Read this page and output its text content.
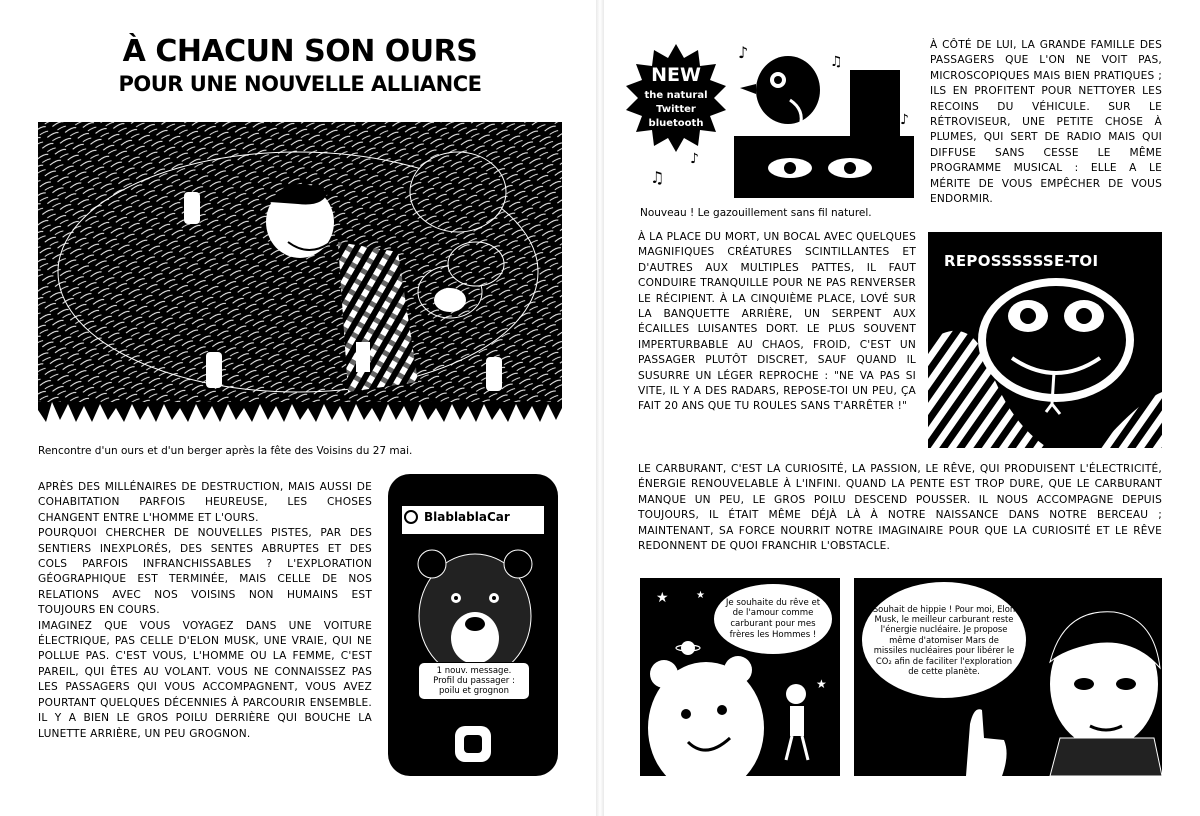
À CHACUN SON OURS
POUR UNE NOUVELLE ALLIANCE
Rencontre d'un ours et d'un berger après la fête des Voisins du 27 mai.

APRÈS DES MILLÉNAIRES DE DESTRUCTION, MAIS AUSSI DE COHABITATION PARFOIS HEUREUSE, LES CHOSES CHANGENT ENTRE L'HOMME ET L'OURS.

POURQUOI CHERCHER DE NOUVELLES PISTES, PAR DES SENTIERS INEXPLORÉS, DES SENTES ABRUPTES ET DES COLS PARFOIS INFRANCHISSABLES ? L'EXPLORATION GÉOGRAPHIQUE EST TERMINÉE, MAIS CELLE DE NOS RELATIONS AVEC NOS VOISINS NON HUMAINS EST TOUJOURS EN COURS.

IMAGINEZ QUE VOUS VOYAGEZ DANS UNE VOITURE ÉLECTRIQUE, PAS CELLE D'ELON MUSK, UNE VRAIE, QUI NE POLLUE PAS. C'EST VOUS, L'HOMME OU LA FEMME, C'EST PAREIL, QUI ÊTES AU VOLANT. VOUS NE CONNAISSEZ PAS LES PASSAGERS QUI VOUS ACCOMPAGNENT, VOUS AVEZ POURTANT QUELQUES DÉCENNIES À PARCOURIR ENSEMBLE. IL Y A BIEN LE GROS POILU DERRIÈRE QUI BOUCHE LA LUNETTE ARRIÈRE, UN PEU GROGNON.

BlablablaCar
1 nouv. message.
Profil du passager :
poilu et grognon
NEW
the natural
Twitter
bluetooth
♪	♫
♪
♫
♪
Nouveau ! Le gazouillement sans fil naturel.

À CÔTÉ DE LUI, LA GRANDE FAMILLE DES PASSAGERS QUE L'ON NE VOIT PAS, MICROSCOPIQUES MAIS BIEN PRATIQUES ; ILS EN PROFITENT POUR NETTOYER LES RECOINS DU VÉHICULE. SUR LE RÉTROVISEUR, UNE PETITE CHOSE À PLUMES, QUI SERT DE RADIO MAIS QUI DIFFUSE SANS CESSE LE MÊME PROGRAMME MUSICAL : ELLE A LE MÉRITE DE VOUS EMPÊCHER DE VOUS ENDORMIR.

À LA PLACE DU MORT, UN BOCAL AVEC QUELQUES MAGNIFIQUES CRÉATURES SCINTILLANTES ET D'AUTRES AUX MULTIPLES PATTES, IL FAUT CONDUIRE TRANQUILLE POUR NE PAS RENVERSER LE RÉCIPIENT. À LA CINQUIÈME PLACE, LOVÉ SUR LA BANQUETTE ARRIÈRE, UN SERPENT AUX ÉCAILLES LUISANTES DORT. LE PLUS SOUVENT IMPERTURBABLE AU CHAOS, FROID, C'EST UN PASSAGER PLUTÔT DISCRET, SAUF QUAND IL SUSURRE UN LÉGER REPROCHE : "NE VA PAS SI VITE, IL Y A DES RADARS, REPOSE-TOI UN PEU, ÇA FAIT 20 ANS QUE TU ROULES SANS T'ARRÊTER !"

REPOSSSSSSE-TOI

LE CARBURANT, C'EST LA CURIOSITÉ, LA PASSION, LE RÊVE, QUI PRODUISENT L'ÉLECTRICITÉ, ÉNERGIE RENOUVELABLE À L'INFINI. QUAND LA PENTE EST TROP DURE, QUE LE CARBURANT MANQUE UN PEU, LE GROS POILU DESCEND POUSSER. IL NOUS ACCOMPAGNE DEPUIS TOUJOURS, IL ÉTAIT MÊME DÉJÀ LÀ À NOTRE NAISSANCE DANS NOTRE BERCEAU ; MAINTENANT, SA FORCE NOURRIT NOTRE IMAGINAIRE POUR QUE LA CURIOSITÉ ET LE RÊVE REDONNENT DE QUOI FRANCHIR L'OBSTACLE.

★	★
★
Je souhaite du rêve et de l'amour comme carburant pour mes frères les Hommes !
Souhait de hippie ! Pour moi, Elon Musk, le meilleur carburant reste l'énergie nucléaire. Je propose même d'atomiser Mars de missiles nucléaires pour libérer le CO₂ afin de faciliter l'exploration de cette planète.
